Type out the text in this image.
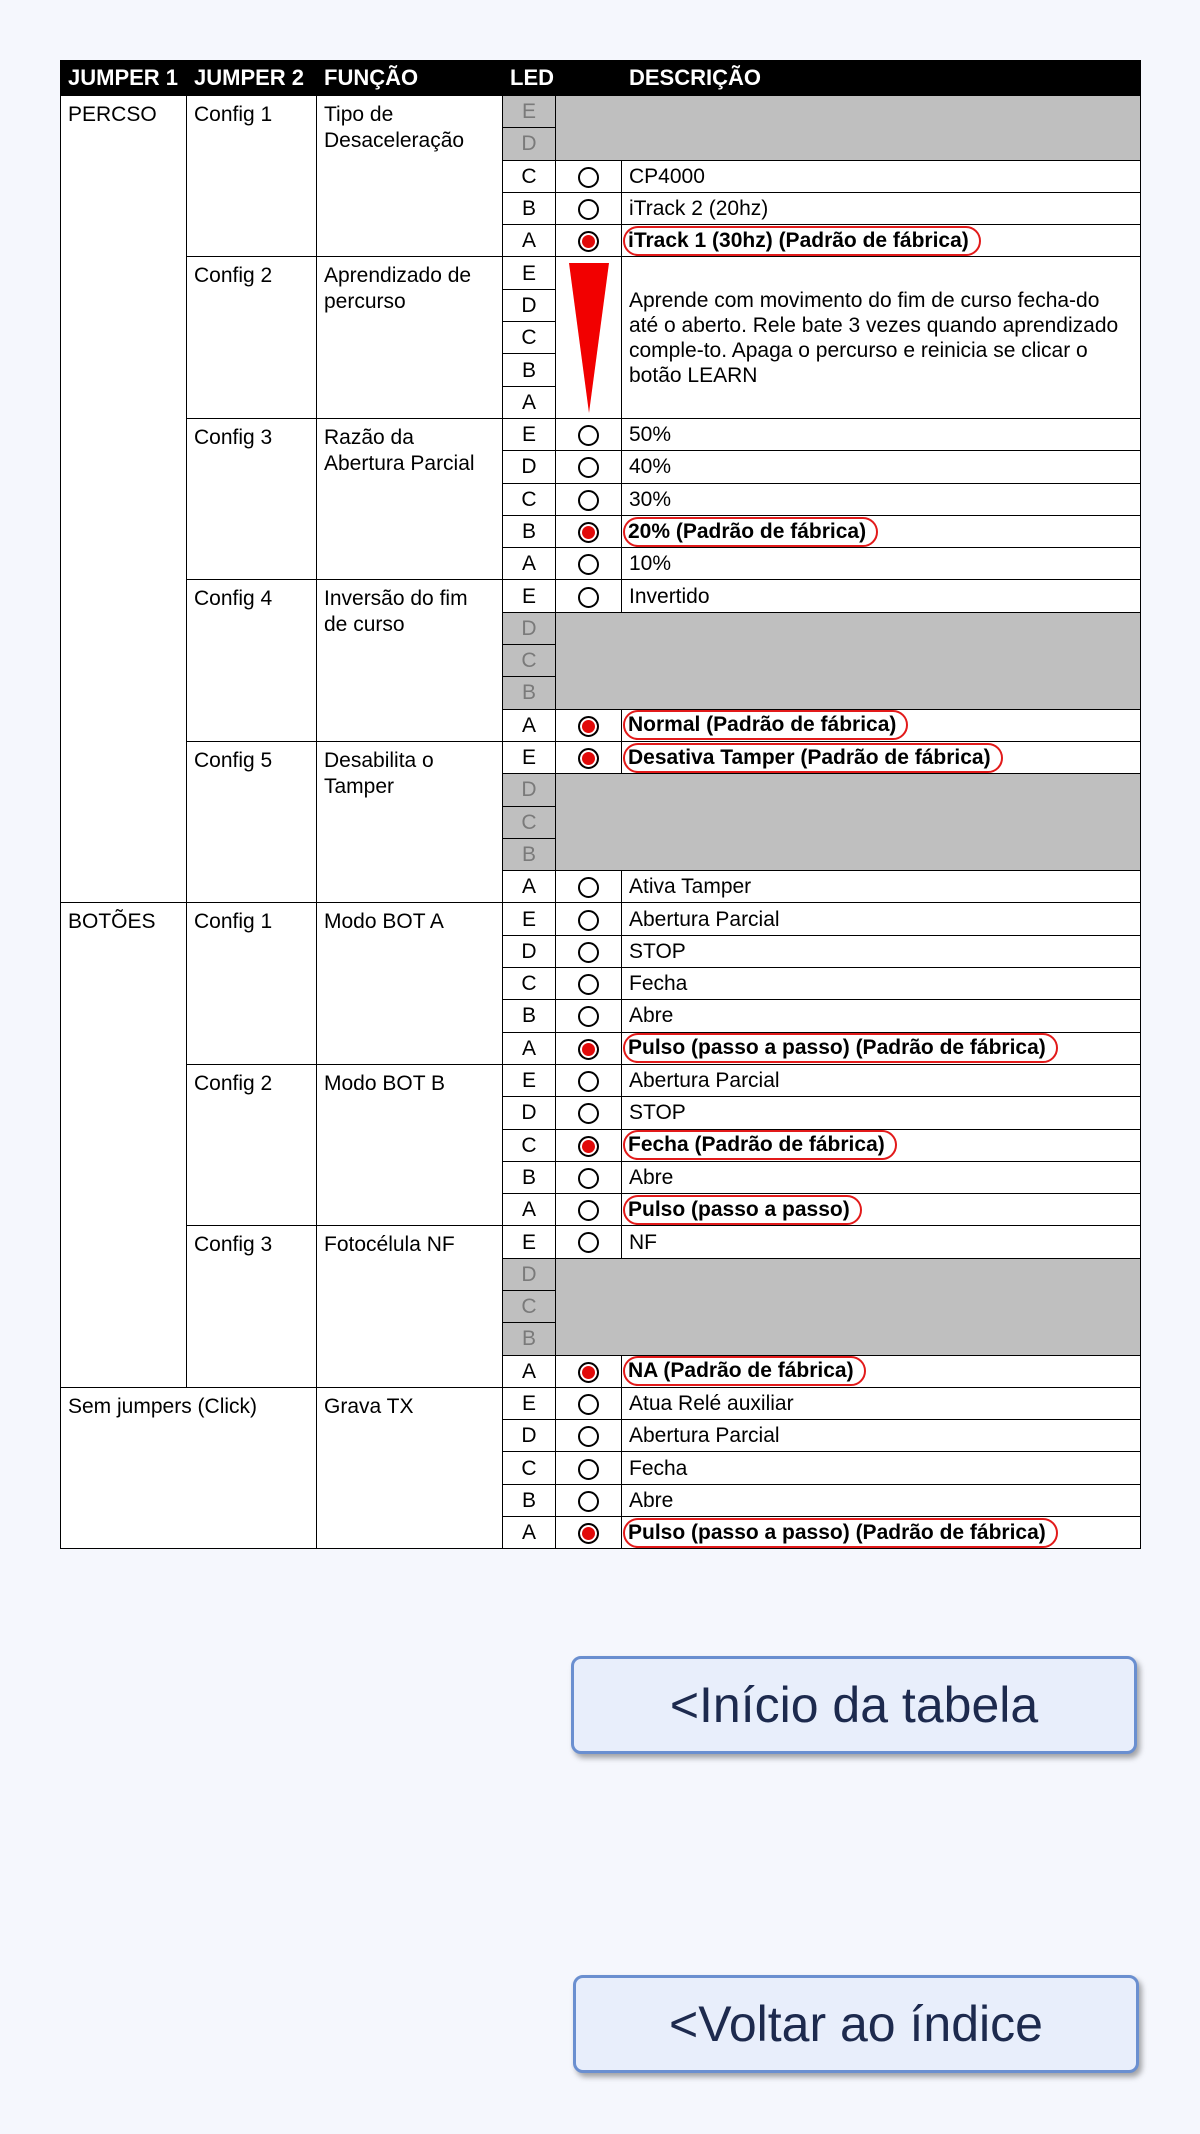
JUMPER 1	JUMPER 2	FUNÇÃO	LED		DESCRIÇÃO
PERCSO	Config 1	Tipo de Desaceleração	E		
			D		
			C		CP4000
			B		iTrack 2 (20hz)
			A		iTrack 1 (30hz) (Padrão de fábrica)
	Config 2	Aprendizado de percurso	E		Aprende com movimento do fim de curso fecha-do até o aberto. Rele bate 3 vezes quando aprendizado comple-to. Apaga o percurso e reinicia se clicar o botão LEARN
			D		
			C		
			B		
			A		
	Config 3	Razão da Abertura Parcial	E		50%
			D		40%
			C		30%
			B		20% (Padrão de fábrica)
			A		10%
	Config 4	Inversão do fim de curso	E		Invertido
			D		
			C		
			B		
			A		Normal (Padrão de fábrica)
	Config 5	Desabilita o Tamper	E		Desativa Tamper (Padrão de fábrica)
			D		
			C		
			B		
			A		Ativa Tamper
BOTÕES	Config 1	Modo BOT A	E		Abertura Parcial
			D		STOP
			C		Fecha
			B		Abre
			A		Pulso (passo a passo) (Padrão de fábrica)
	Config 2	Modo BOT B	E		Abertura Parcial
			D		STOP
			C		Fecha (Padrão de fábrica)
			B		Abre
			A		Pulso (passo a passo)
	Config 3	Fotocélula NF	E		NF
			D		
			C		
			B		
			A		NA (Padrão de fábrica)
Sem jumpers (Click)		Grava TX	E		Atua Relé auxiliar
			D		Abertura Parcial
			C		Fecha
			B		Abre
			A		Pulso (passo a passo) (Padrão de fábrica)
<Início da tabela
<Voltar ao índice
